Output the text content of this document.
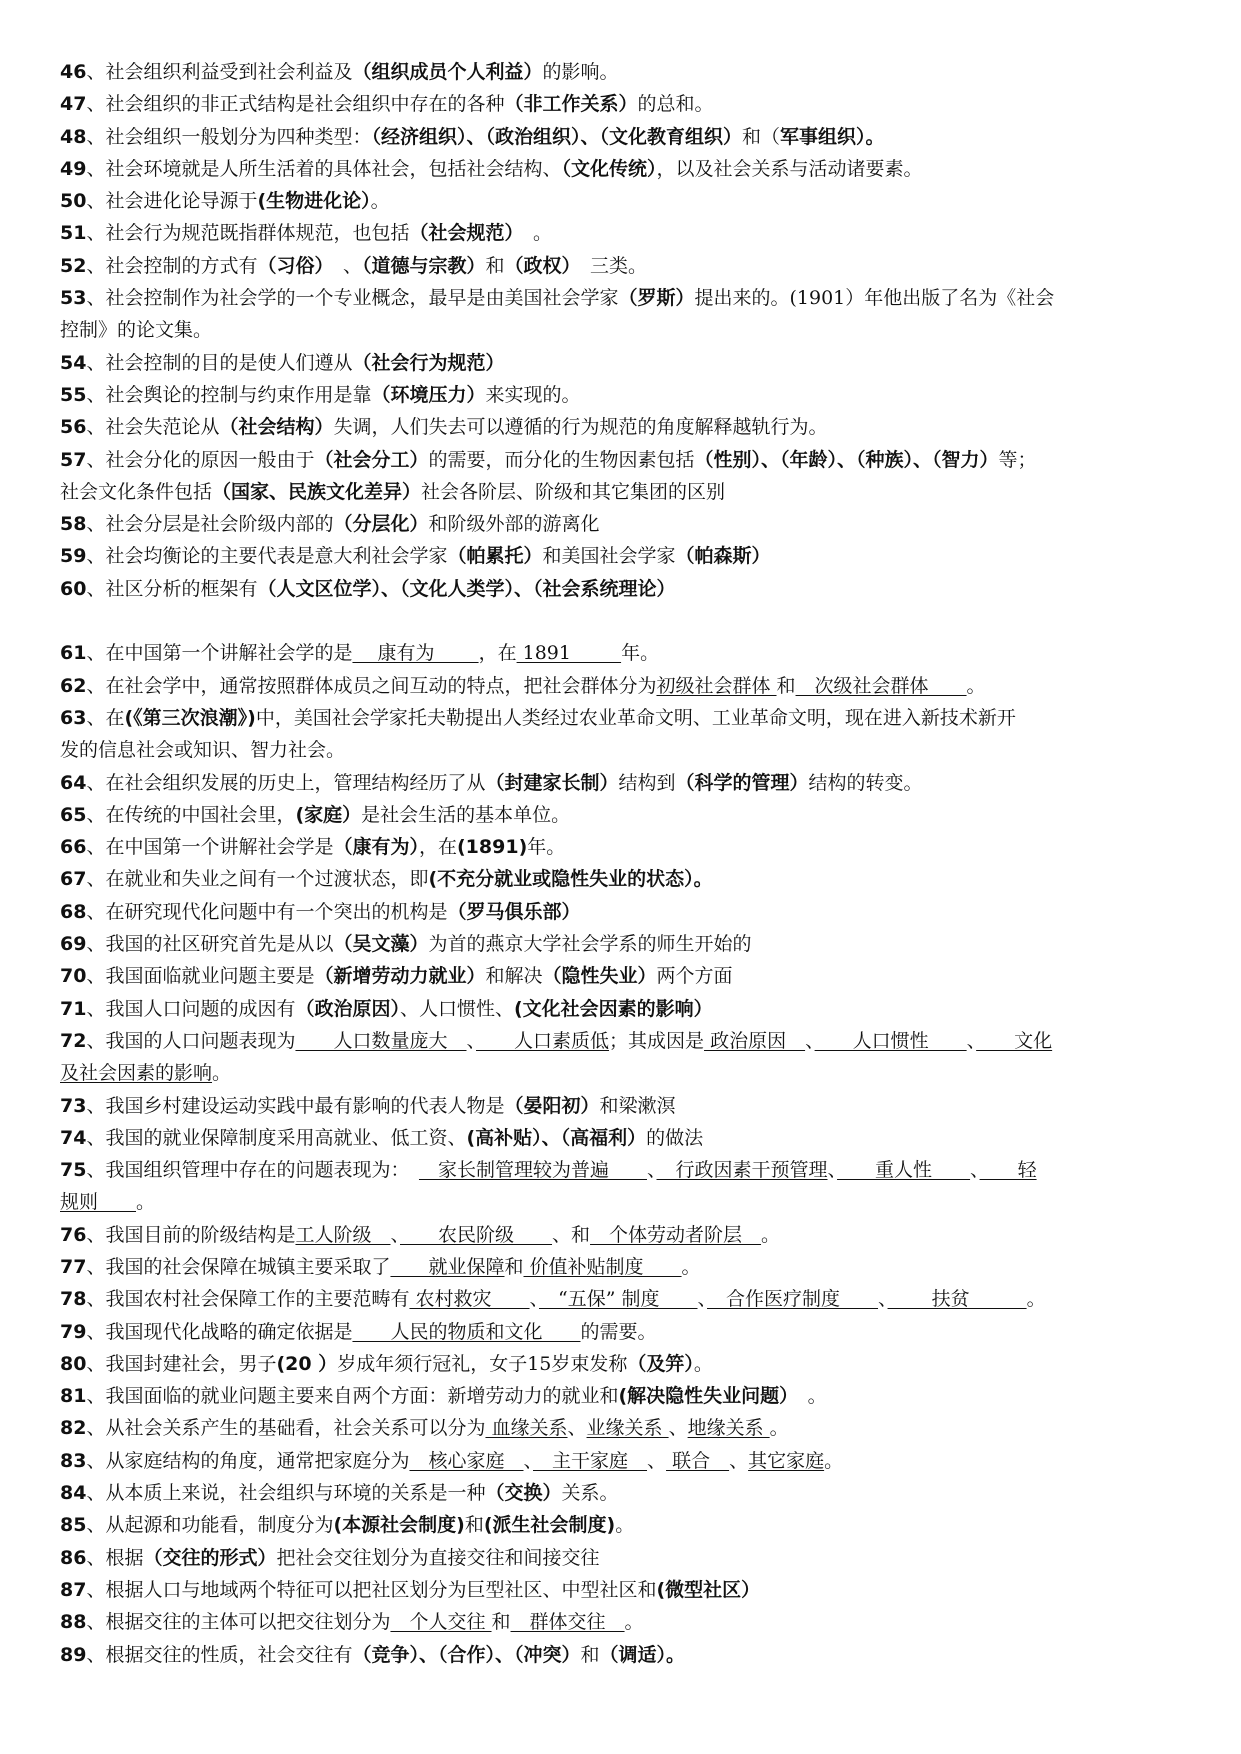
46、社会组织利益受到社会利益及（组织成员个人利益）的影响。
47、社会组织的非正式结构是社会组织中存在的各种（非工作关系）的总和。
48、社会组织一般划分为四种类型：（经济组织）、（政治组织）、（文化教育组织）和（军事组织）。
49、社会环境就是人所生活着的具体社会，包括社会结构、（文化传统），以及社会关系与活动诸要素。
50、社会进化论导源于(生物进化论）。
51、社会行为规范既指群体规范，也包括（社会规范）　。
52、社会控制的方式有（习俗）　、（道德与宗教）和（政权）　三类。
53、社会控制作为社会学的一个专业概念，最早是由美国社会学家（罗斯）提出来的。(1901）年他出版了名为《社会
控制》的论文集。
54、社会控制的目的是使人们遵从（社会行为规范）
55、社会舆论的控制与约束作用是靠（环境压力）来实现的。
56、社会失范论从（社会结构）失调，人们失去可以遵循的行为规范的角度解释越轨行为。
57、社会分化的原因一般由于（社会分工）的需要，而分化的生物因素包括（性别）、（年龄）、（种族）、（智力）等；
社会文化条件包括（国家、民族文化差异）社会各阶层、阶级和其它集团的区别
58、社会分层是社会阶级内部的（分层化）和阶级外部的游离化
59、社会均衡论的主要代表是意大利社会学家（帕累托）和美国社会学家（帕森斯）
60、社区分析的框架有（人文区位学）、（文化人类学）、（社会系统理论）
61、在中国第一个讲解社会学的是　 康有为　　 ，在 1891 　　 年。
62、在社会学中，通常按照群体成员之间互动的特点，把社会群体分为初级社会群体 和　次级社会群体　　。
63、在(《第三次浪潮》)中，美国社会学家托夫勒提出人类经过农业革命文明、工业革命文明，现在进入新技术新开
发的信息社会或知识、智力社会。
64、在社会组织发展的历史上，管理结构经历了从（封建家长制）结构到（科学的管理）结构的转变。
65、在传统的中国社会里，(家庭）是社会生活的基本单位。
66、在中国第一个讲解社会学是（康有为），在(1891)年。
67、在就业和失业之间有一个过渡状态，即(不充分就业或隐性失业的状态）。
68、在研究现代化问题中有一个突出的机构是（罗马俱乐部）
69、我国的社区研究首先是从以（吴文藻）为首的燕京大学社会学系的师生开始的
70、我国面临就业问题主要是（新增劳动力就业）和解决（隐性失业）两个方面
71、我国人口问题的成因有（政治原因）、人口惯性、(文化社会因素的影响）
72、我国的人口问题表现为　　人口数量庞大　、　　人口素质低；其成因是 政治原因　、　　人口惯性　　、　　文化
及社会因素的影响。
73、我国乡村建设运动实践中最有影响的代表人物是（晏阳初）和梁漱溟
74、我国的就业保障制度采用高就业、低工资、(高补贴）、（高福利）的做法
75、我国组织管理中存在的问题表现为：　　家长制管理较为普遍　　、　行政因素干预管理、　　重人性　　、　　轻
规则　　。
76、我国目前的阶级结构是工人阶级　、　　农民阶级　　、和　个体劳动者阶层　。
77、我国的社会保障在城镇主要采取了　　就业保障和 价值补贴制度　　。
78、我国农村社会保障工作的主要范畴有 农村救灾　　、　“五保” 制度　　、　合作医疗制度　　、　　 扶贫　　　。
79、我国现代化战略的确定依据是　　人民的物质和文化　　的需要。
80、我国封建社会，男子(20 ）岁成年须行冠礼，女子15岁束发称（及笄）。
81、我国面临的就业问题主要来自两个方面：新增劳动力的就业和(解决隐性失业问题）　。
82、从社会关系产生的基础看，社会关系可以分为 血缘关系、业缘关系 、地缘关系 。
83、从家庭结构的角度，通常把家庭分为　核心家庭　、　主干家庭　、 联合　、其它家庭。
84、从本质上来说，社会组织与环境的关系是一种（交换）关系。
85、从起源和功能看，制度分为(本源社会制度)和(派生社会制度)。
86、根据（交往的形式）把社会交往划分为直接交往和间接交往
87、根据人口与地域两个特征可以把社区划分为巨型社区、中型社区和(微型社区）
88、根据交往的主体可以把交往划分为　个人交往 和　群体交往　。
89、根据交往的性质，社会交往有（竞争）、（合作）、（冲突）和（调适）。
